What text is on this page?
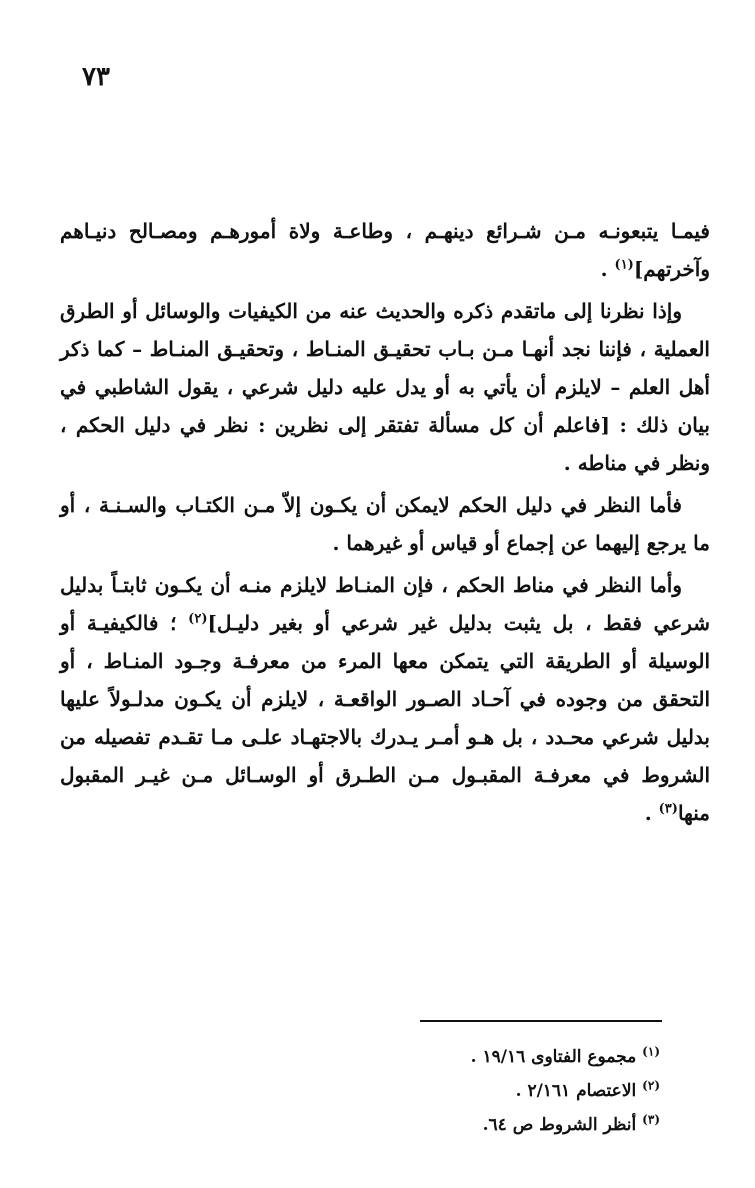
٧٣

فيمـا يتبعونـه مـن شـرائع دينهـم ، وطاعـة ولاة أمورهـم ومصـالح دنيـاهم وآخرتهم]$^{(١)}$ .

وإذا نظرنا إلى ماتقدم ذكره والحديث عنه من الكيفيات والوسائل أو الطرق العملية ، فإننا نجد أنهـا مـن بـاب تحقيـق المنـاط ، وتحقيـق المنـاط – كما ذكر أهل العلم – لايلزم أن يأتي به أو يدل عليه دليل شرعي ، يقول الشاطبي في بيان ذلك : [فاعلم أن كل مسألة تفتقر إلى نظرين : نظر في دليل الحكم ، ونظر في مناطه .

فأما النظر في دليل الحكم لايمكن أن يكـون إلاّ مـن الكتـاب والسـنـة ، أو ما يرجع إليهما عن إجماع أو قياس أو غيرهما .

وأما النظر في مناط الحكم ، فإن المنـاط لايلزم منـه أن يكـون ثابتـاً بدليل شرعي فقط ، بل يثبت بدليل غير شرعي أو بغير دليـل]$^{(٢)}$ ؛ فالكيفيـة أو الوسيلة أو الطريقة التي يتمكن معها المرء من معرفـة وجـود المنـاط ، أو التحقق من وجوده في آحـاد الصـور الواقعـة ، لايلزم أن يكـون مدلـولاً عليها بدليل شرعي محـدد ، بل هـو أمـر يـدرك بالاجتهـاد علـى مـا تقـدم تفصيله من الشروط في معرفـة المقبـول مـن الطـرق أو الوسـائل مـن غيـر المقبول منها$^{(٣)}$ .

$^{(١)}$ مجموع الفتاوى ١٩/١٦ .

$^{(٢)}$ الاعتصام ٢/١٦١ .

$^{(٣)}$ أنظر الشروط ص ٦٤.
